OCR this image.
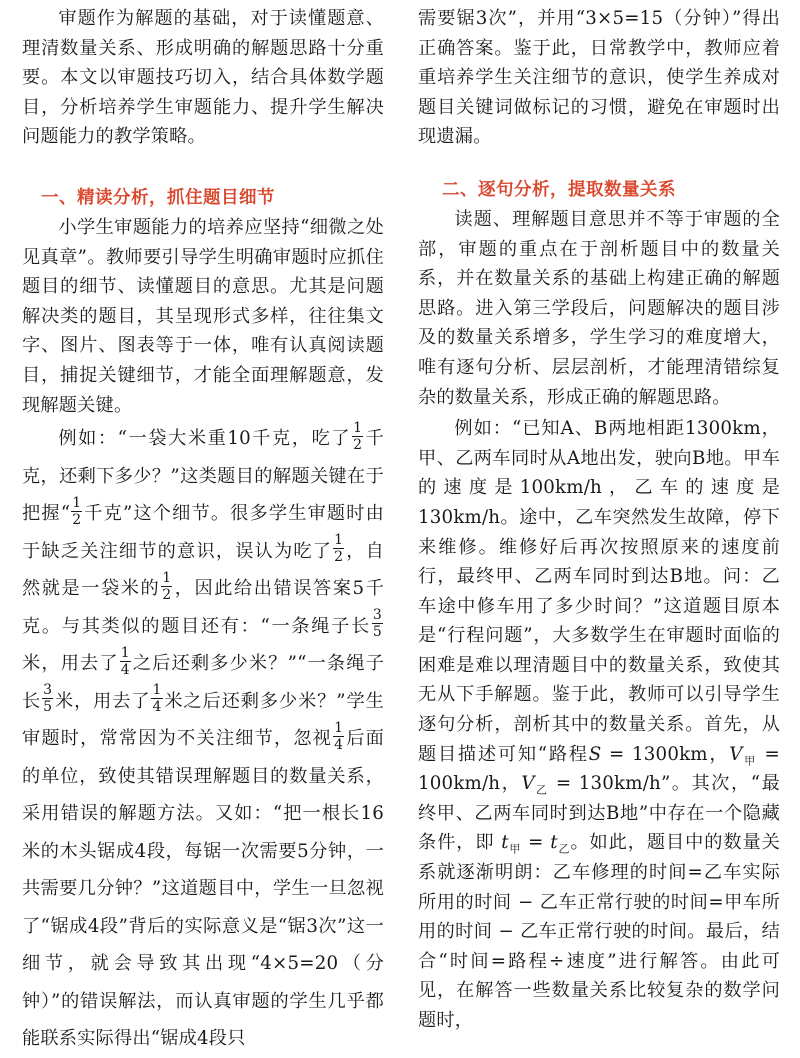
审题作为解题的基础，对于读懂题意、理清数量关系、形成明确的解题思路十分重要。本文以审题技巧切入，结合具体数学题目，分析培养学生审题能力、提升学生解决问题能力的教学策略。

一、精读分析，抓住题目细节

小学生审题能力的培养应坚持“细微之处见真章”。教师要引导学生明确审题时应抓住题目的细节、读懂题目的意思。尤其是问题解决类的题目，其呈现形式多样，往往集文字、图片、图表等于一体，唯有认真阅读题目，捕捉关键细节，才能全面理解题意，发现解题关键。

例如：“一袋大米重10千克，吃了 $\frac{1}{2}$ 千克，还剩下多少？”这类题目的解题关键在于把握“ $\frac{1}{2}$ 千克”这个细节。很多学生审题时由于缺乏关注细节的意识，误认为吃了 $\frac{1}{2}$ ，自然就是一袋米的 $\frac{1}{2}$ ，因此给出错误答案5千克。与其类似的题目还有：“一条绳子长 $\frac{3}{5}$
米，用去了 $\frac{1}{4}$ 之后还剩多少米？”“一条绳子长 $\frac{3}{5}$ 米，用去了 $\frac{1}{4}$ 米之后还剩多少米？”学生审题时，常常因为不关注细节，忽视 $\frac{1}{4}$ 后面的单位，致使其错误理解题目的数量关系，采用错误的解题方法。又如：“把一根长16米的木头锯成4段，每锯一次需要5分钟，一共需要几分钟？”这道题目中，学生一旦忽视了“锯成4段”背后的实际意义是“锯3次”这一细节，就会导致其出现“4×5=20（分钟）”的错误解法，而认真审题的学生几乎都能联系实际得出“锯成4段只

需要锯3次”，并用“3×5=15（分钟）”得出正确答案。鉴于此，日常教学中，教师应着重培养学生关注细节的意识，使学生养成对题目关键词做标记的习惯，避免在审题时出现遗漏。

二、逐句分析，提取数量关系

读题、理解题目意思并不等于审题的全部，审题的重点在于剖析题目中的数量关系，并在数量关系的基础上构建正确的解题思路。进入第三学段后，问题解决的题目涉及的数量关系增多，学生学习的难度增大，唯有逐句分析、层层剖析，才能理清错综复杂的数量关系，形成正确的解题思路。

例如：“已知A、B两地相距1300km，甲、乙两车同时从A地出发，驶向B地。甲车的速度是100km/h，乙车的速度是130km/h。途中，乙车突然发生故障，停下来维修。维修好后再次按照原来的速度前行，最终甲、乙两车同时到达B地。问：乙车途中修车用了多少时间？”这道题目原本是“行程问题”，大多数学生在审题时面临的困难是难以理清题目中的数量关系，致使其无从下手解题。鉴于此，教师可以引导学生逐句分析，剖析其中的数量关系。首先，从题目描述可知“路程S = 1300km，$V_甲 = 100km/h$，$V_乙 = 130km/h$”。其次，“最终甲、乙两车同时到达B地”中存在一个隐藏条件，即 $t_甲 = t_乙$。如此，题目中的数量关系就逐渐明朗：乙车修理的时间=乙车实际所用的时间 − 乙车正常行驶的时间=甲车所用的时间 − 乙车正常行驶的时间。最后，结合“时间=路程÷速度”进行解答。由此可见，在解答一些数量关系比较复杂的数学问题时，
